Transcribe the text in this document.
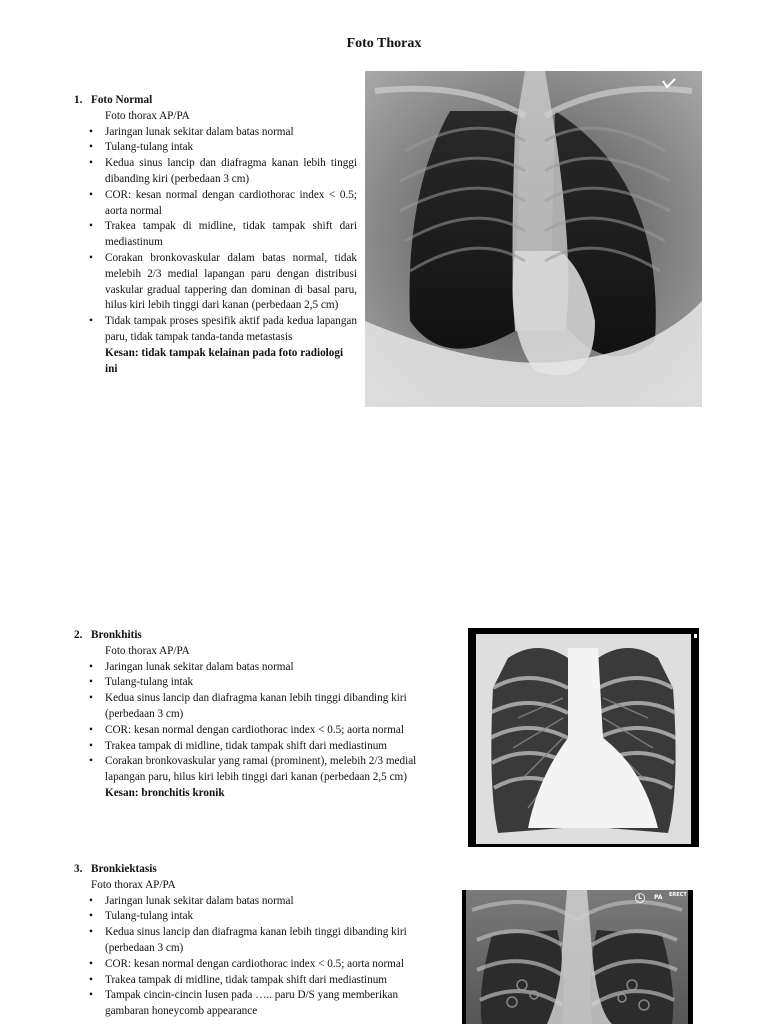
Foto Thorax
1. Foto Normal
Foto thorax AP/PA
• Jaringan lunak sekitar dalam batas normal
• Tulang-tulang intak
• Kedua sinus lancip dan diafragma kanan lebih tinggi dibanding kiri (perbedaan 3 cm)
• COR: kesan normal dengan cardiothorac index < 0.5; aorta normal
• Trakea tampak di midline, tidak tampak shift dari mediastinum
• Corakan bronkovaskular dalam batas normal, tidak melebih 2/3 medial lapangan paru dengan distribusi vaskular gradual tappering dan dominan di basal paru, hilus kiri lebih tinggi dari kanan (perbedaan 2,5 cm)
• Tidak tampak proses spesifik aktif pada kedua lapangan paru, tidak tampak tanda-tanda metastasis
Kesan: tidak tampak kelainan pada foto radiologi ini
2. Bronkhitis
Foto thorax AP/PA
• Jaringan lunak sekitar dalam batas normal
• Tulang-tulang intak
• Kedua sinus lancip dan diafragma kanan lebih tinggi dibanding kiri (perbedaan 3 cm)
• COR: kesan normal dengan cardiothorac index < 0.5; aorta normal
• Trakea tampak di midline, tidak tampak shift dari mediastinum
• Corakan bronkovaskular yang ramai (prominent), melebih 2/3 medial lapangan paru, hilus kiri lebih tinggi dari kanan (perbedaan 2,5 cm)
Kesan: bronchitis kronik
3. Bronkiektasis
Foto thorax AP/PA
• Jaringan lunak sekitar dalam batas normal
• Tulang-tulang intak
• Kedua sinus lancip dan diafragma kanan lebih tinggi dibanding kiri (perbedaan 3 cm)
• COR: kesan normal dengan cardiothorac index < 0.5; aorta normal
• Trakea tampak di midline, tidak tampak shift dari mediastinum
• Tampak cincin-cincin lusen pada ….. paru D/S yang memberikan gambaran honeycomb appearance
L PA ERECT
